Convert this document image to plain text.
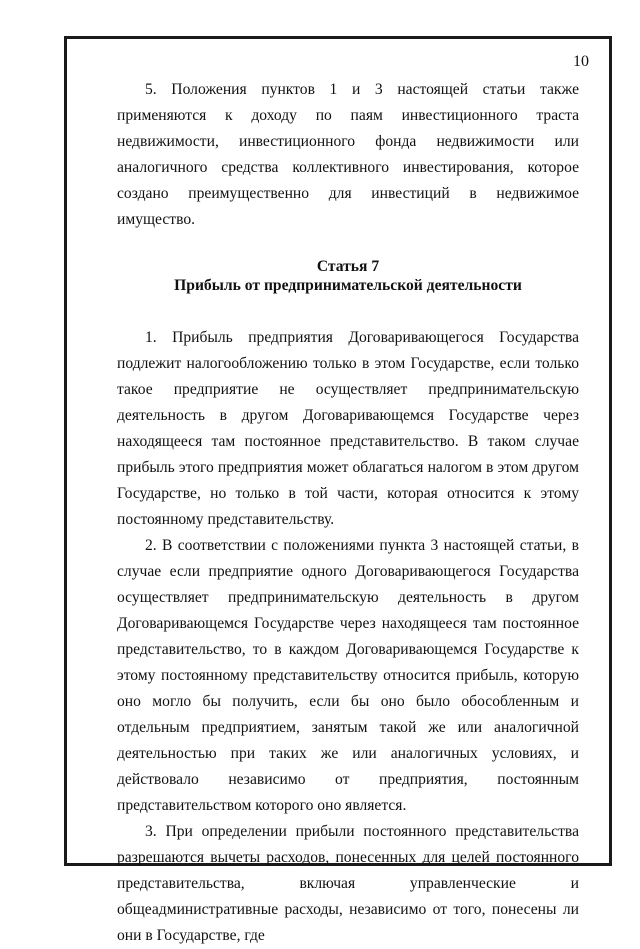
10

5. Положения пунктов 1 и 3 настоящей статьи также применяются к доходу по паям инвестиционного траста недвижимости, инвестиционного фонда недвижимости или аналогичного средства коллективного инвестирования, которое создано преимущественно для инвестиций в недвижимое имущество.

Статья 7

Прибыль от предпринимательской деятельности

1. Прибыль предприятия Договаривающегося Государства подлежит налогообложению только в этом Государстве, если только такое предприятие не осуществляет предпринимательскую деятельность в другом Договаривающемся Государстве через находящееся там постоянное представительство. В таком случае прибыль этого предприятия может облагаться налогом в этом другом Государстве, но только в той части, которая относится к этому постоянному представительству.

2. В соответствии с положениями пункта 3 настоящей статьи, в случае если предприятие одного Договаривающегося Государства осуществляет предпринимательскую деятельность в другом Договаривающемся Государстве через находящееся там постоянное представительство, то в каждом Договаривающемся Государстве к этому постоянному представительству относится прибыль, которую оно могло бы получить, если бы оно было обособленным и отдельным предприятием, занятым такой же или аналогичной деятельностью при таких же или аналогичных условиях, и действовало независимо от предприятия, постоянным представительством которого оно является.

3. При определении прибыли постоянного представительства разрешаются вычеты расходов, понесенных для целей постоянного представительства, включая управленческие и общеадминистративные расходы, независимо от того, понесены ли они в Государстве, где
